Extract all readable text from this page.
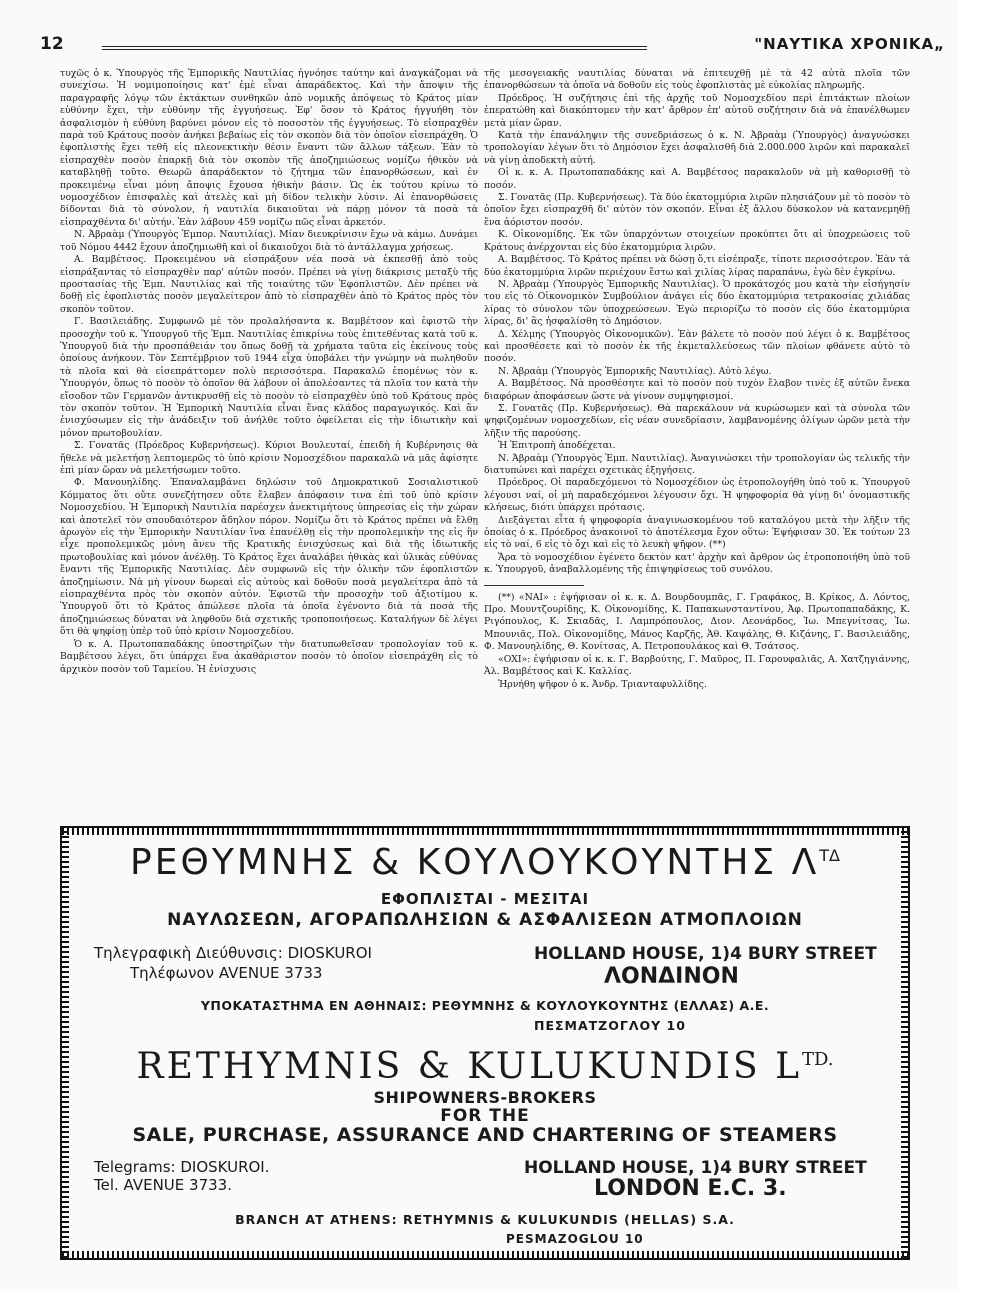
12	"ΝΑΥΤΙΚΑ ΧΡΟΝΙΚΑ„

τυχῶς ὁ κ. Ὑπουργὸς τῆς Ἐμπορικῆς Ναυτιλίας ἠγνόησε ταύτην καὶ ἀναγκάζομαι νὰ συνεχίσω. Ἡ νομιμοποίησις κατ' ἐμὲ εἶναι ἀπαράδεκτος. Καὶ τὴν ἄποψιν τῆς παραγραφῆς λόγῳ τῶν ἐκτάκτων συνθηκῶν ἀπὸ νομικῆς ἀπόψεως τὸ Κράτος μίαν εὐθύνην ἔχει, τὴν εὐθύνην τῆς ἐγγυήσεως. Ἐφ' ὅσον τὸ Κράτος ἠγγυήθη τὸν ἀσφαλισμὸν ἡ εὐθύνη βαρύνει μόνον εἰς τὸ ποσοστὸν τῆς ἐγγυήσεως. Τὸ εἰσπραχθὲν παρὰ τοῦ Κράτους ποσὸν ἀνήκει βεβαίως εἰς τὸν σκοπὸν διὰ τὸν ὁποῖον εἰσεπράχθη. Ὁ ἐφοπλιστὴς ἔχει τεθῆ εἰς πλεονεκτικὴν θέσιν ἔναντι τῶν ἄλλων τάξεων. Ἐὰν τὸ εἰσπραχθὲν ποσὸν ἐπαρκῇ διὰ τὸν σκοπὸν τῆς ἀποζημιώσεως νομίζω ἠθικὸν νὰ καταβληθῇ τοῦτο. Θεωρῶ ἀπαράδεκτον τὸ ζήτημα τῶν ἐπανορθώσεων, καὶ ἐν προκειμένῳ εἶναι μόνη ἄποψις ἔχουσα ἠθικὴν βάσιν. Ὡς ἐκ τούτου κρίνω τὸ νομοσχέδιον ἐπισφαλὲς καὶ ἀτελὲς καὶ μὴ δίδον τελικὴν λύσιν. Αἱ ἐπανορθώσεις δίδονται διὰ τὸ σύνολον, ἡ ναυτιλία δικαιοῦται νὰ πάρῃ μόνον τὰ ποσὰ τὰ εἰσπραχθέντα δι' αὐτήν. Ἐὰν λάβουν 459 νομίζω πῶς εἶναι ἀρκετόν.

Ν. Ἀβραὰμ (Ὑπουργὸς Ἐμπορ. Ναυτιλίας). Μίαν διευκρίνισιν ἔχω νὰ κάμω. Δυνάμει τοῦ Νόμου 4442 ἔχουν ἀποζημιωθῆ καὶ οἱ δικαιοῦχοι διὰ τὸ ἀντάλλαγμα χρήσεως.

Α. Βαμβέτσος. Προκειμένου νὰ εἰσπράξουν νέα ποσὰ νὰ ἐκπεσθῇ ἀπὸ τοὺς εἰσπράξαντας τὸ εἰσπραχθὲν παρ' αὐτῶν ποσόν. Πρέπει νὰ γίνῃ διάκρισις μεταξὺ τῆς προστασίας τῆς Ἐμπ. Ναυτιλίας καὶ τῆς τοιαύτης τῶν Ἐφοπλιστῶν. Δὲν πρέπει νὰ δοθῇ εἰς ἐφοπλιστὰς ποσὸν μεγαλείτερον ἀπὸ τὸ εἰσπραχθὲν ἀπὸ τὸ Κράτος πρὸς τὸν σκοπὸν τοῦτον.

Γ. Βασιλειάδης. Συμφωνῶ μὲ τὸν προλαλήσαντα κ. Βαμβέτσον καὶ ἐφιστῶ τὴν προσοχὴν τοῦ κ. Ὑπουργοῦ τῆς Ἐμπ. Ναυτιλίας ἐπικρίνω τοὺς ἐπιτεθέντας κατὰ τοῦ κ. Ὑπουργοῦ διὰ τὴν προσπάθειάν του ὅπως δοθῇ τὰ χρήματα ταῦτα εἰς ἐκείνους τοὺς ὁποίους ἀνήκουν. Τὸν Σεπτέμβριον τοῦ 1944 εἶχα ὑποβάλει τὴν γνώμην νὰ πωληθοῦν τὰ πλοῖα καὶ θὰ εἰσεπράττομεν πολὺ περισσότερα. Παρακαλῶ ἑπομένως τὸν κ. Ὑπουργόν, ὅπως τὸ ποσὸν τὸ ὁποῖον θὰ λάβουν οἱ ἀπολέσαντες τὰ πλοῖα τον κατὰ τὴν εἴσοδον τῶν Γερμανῶν ἀντικρυσθῇ εἰς τὸ ποσὸν τὸ εἰσπραχθὲν ὑπὸ τοῦ Κράτους πρὸς τὸν σκοπὸν τοῦτον. Ἡ Ἐμπορικὴ Ναυτιλία εἶναι ἕνας κλάδος παραγωγικός. Καὶ ἂν ἐνισχύσωμεν εἰς τὴν ἀνάδειξιν τοῦ ἀνήλθε τοῦτο ὀφείλεται εἰς τὴν ἰδιωτικὴν καὶ μόνον πρωτοβουλίαν.

Σ. Γονατᾶς (Πρόεδρος Κυβερνήσεως). Κύριοι Βουλευταί, ἐπειδὴ ἡ Κυβέρνησις θὰ ἤθελε νὰ μελετήσῃ λεπτομερῶς τὸ ὑπὸ κρίσιν Νομοσχέδιον παρακαλῶ νὰ μᾶς ἀφίσητε ἐπὶ μίαν ὥραν νὰ μελετήσωμεν τοῦτο.

Φ. Μανουηλίδης. Ἐπαναλαμβάνει δηλώσιν τοῦ Δημοκρατικοῦ Σοσιαλιστικοῦ Κόμματος ὅτι οὔτε συνεζήτησεν οὔτε ἔλαβεν ἀπόφασιν τινα ἐπὶ τοῦ ὑπὸ κρίσιν Νομοσχεδίου. Ἡ Ἐμπορικὴ Ναυτιλία παρέσχεν ἀνεκτιμήτους ὑπηρεσίας εἰς τὴν χώραν καὶ ἀποτελεῖ τὸν σπουδαιότερον ἄδηλον πόρον. Νομίζω ὅτι τὸ Κράτος πρέπει νὰ ἔλθῃ ἀρωγὸν εἰς τὴν Ἐμπορικὴν Ναυτιλίαν ἵνα ἐπανέλθῃ εἰς τὴν προπολεμικὴν της εἰς ἣν εἶχε προπολεμικῶς μόνη ἄνευ τῆς Κρατικῆς ἐνισχύσεως καὶ διὰ τῆς ἰδιωτικῆς πρωτοβουλίας καὶ μόνον ἀνέλθῃ. Τὸ Κράτος ἔχει ἀναλάβει ἠθικὰς καὶ ὑλικὰς εὐθύνας ἔναντι τῆς Ἐμπορικῆς Ναυτιλίας. Δὲν συμφωνῶ εἰς τὴν ὁλικὴν τῶν ἐφοπλιστῶν ἀποζημίωσιν. Νὰ μὴ γίνουν δωρεαὶ εἰς αὐτοὺς καὶ δοθοῦν ποσὰ μεγαλείτερα ἀπὸ τὰ εἰσπραχθέντα πρὸς τὸν σκοπὸν αὐτόν. Ἐφιστῶ τὴν προσοχὴν τοῦ ἀξιοτίμου κ. Ὑπουργοῦ ὅτι τὸ Κράτος ἀπώλεσε πλοῖα τὰ ὁποῖα ἐγένοντο διὰ τὰ ποσὰ τῆς ἀποζημιώσεως δύναται νὰ ληφθοῦν διὰ σχετικῆς τροποποιήσεως. Καταλήγων δὲ λέγει ὅτι θὰ ψηφίσῃ ὑπὲρ τοῦ ὑπὸ κρίσιν Νομοσχεδίου.

Ὁ κ. Α. Πρωτοπαπαδάκης ὑποστηρίζων τὴν διατυπωθεῖσαν τροπολογίαν τοῦ κ. Βαμβέτσου λέγει, ὅτι ὑπάρχει ἕνα ἀκαθάριστον ποσὸν τὸ ὁποῖον εἰσεπράχθη εἰς τὸ ἀρχικὸν ποσὸν τοῦ Ταμείου. Ἡ ἐνίσχυσις

τῆς μεσογειακῆς ναυτιλίας δύναται νὰ ἐπιτευχθῇ μὲ τὰ 42 αὐτὰ πλοῖα τῶν ἐπανορθώσεων τὰ ὁποῖα νὰ δοθοῦν εἰς τοὺς ἐφοπλιστὰς μὲ εὐκολίας πληρωμῆς.

Πρόεδρος. Ἡ συζήτησις ἐπὶ τῆς ἀρχῆς τοῦ Νομοσχεδίου περὶ ἐπιτάκτων πλοίων ἐπερατώθη καὶ διακόπτομεν τὴν κατ' ἄρθρον ἐπ' αὐτοῦ συζήτησιν διὰ νὰ ἐπανέλθωμεν μετὰ μίαν ὥραν.

Κατὰ τὴν ἐπανάληψιν τῆς συνεδριάσεως ὁ κ. Ν. Ἀβραὰμ (Ὑπουργὸς) ἀναγνώσκει τροπολογίαν λέγων ὅτι τὸ Δημόσιον ἔχει ἀσφαλισθῆ διὰ 2.000.000 λιρῶν καὶ παρακαλεῖ νὰ γίνῃ ἀποδεκτὴ αὐτή.

Οἱ κ. κ. Α. Πρωτοπαπαδάκης καὶ Α. Βαμβέτσος παρακαλοῦν νὰ μὴ καθορισθῇ τὸ ποσόν.

Σ. Γονατᾶς (Πρ. Κυβερνήσεως). Τὰ δύο ἑκατομμύρια λιρῶν πλησιάζουν μὲ τὸ ποσὸν τὸ ὁποῖον ἔχει εἰσπραχθῆ δι' αὐτὸν τὸν σκοπόν. Εἶναι ἐξ ἄλλου δύσκολον νὰ κατανεμηθῇ ἕνα ἀόριστον ποσόν.

Κ. Οἰκονομίδης. Ἐκ τῶν ὑπαρχόντων στοιχείων προκύπτει ὅτι αἱ ὑποχρεώσεις τοῦ Κράτους ἀνέρχονται εἰς δύο ἑκατομμύρια λιρῶν.

Α. Βαμβέτσος. Τὸ Κράτος πρέπει νὰ δώσῃ ὅ,τι εἰσέπραξε, τίποτε περισσότερον. Ἐὰν τὰ δύο ἑκατομμύρια λιρῶν περιέχουν ἔστω καὶ χιλίας λίρας παραπάνω, ἐγὼ δὲν ἐγκρίνω.

Ν. Ἀβραὰμ (Ὑπουργὸς Ἐμπορικῆς Ναυτιλίας). Ὁ προκάτοχός μου κατὰ τὴν εἰσήγησίν του εἰς τὸ Οἰκονομικὸν Συμβούλιον ἀνάγει εἰς δύο ἑκατομμύρια τετρακοσίας χιλιάδας λίρας τὸ σύνολον τῶν ὑποχρεώσεων. Ἐγὼ περιορίζω τὸ ποσὸν εἰς δύο ἑκατομμύρια λίρας, δι' ἃς ἠσφαλίσθη τὸ Δημόσιον.

Δ. Χέλμης (Ὑπουργὸς Οἰκονομικῶν). Ἐὰν βάλετε τὸ ποσὸν πού λέγει ὁ κ. Βαμβέτσος καὶ προσθέσετε καὶ τὸ ποσὸν ἐκ τῆς ἐκμεταλλεύσεως τῶν πλοίων φθάνετε αὐτὸ τὸ ποσόν.

Ν. Ἀβραὰμ (Ὑπουργὸς Ἐμπορικῆς Ναυτιλίας). Αὐτὸ λέγω.

Α. Βαμβέτσος. Νὰ προσθέσητε καὶ τὸ ποσὸν ποὺ τυχὸν ἔλαβον τινὲς ἐξ αὐτῶν ἕνεκα διαφόρων ἀποφάσεων ὥστε νὰ γίνουν συμψηφισμοί.

Σ. Γονατᾶς (Πρ. Κυβερνήσεως). Θὰ παρεκάλουν νὰ κυρώσωμεν καὶ τὰ σύνολα τῶν ψηφιζομένων νομοσχεδίων, εἰς νέαν συνεδρίασιν, λαμβανομένης ὀλίγων ὡρῶν μετὰ τὴν λῆξιν τῆς παρούσης.

Ἡ Ἐπιτροπὴ ἀποδέχεται.

Ν. Ἀβραὰμ (Ὑπουργὸς Ἐμπ. Ναυτιλίας). Ἀναγινώσκει τὴν τροπολογίαν ὡς τελικῆς τὴν διατυπώνει καὶ παρέχει σχετικὰς ἐξηγήσεις.

Πρόεδρος. Οἱ παραδεχόμενοι τὸ Νομοσχέδιον ὡς ἐτροπολογήθη ὑπὸ τοῦ κ. Ὑπουργοῦ λέγουσι ναί, οἱ μὴ παραδεχόμενοι λέγουσιν ὄχι. Ἡ ψηφοφορία θὰ γίνῃ δι' ὀνομαστικῆς κλήσεως, διότι ὑπάρχει πρότασις.

Διεξάγεται εἶτα ἡ ψηφοφορία ἀναγινωσκομένου τοῦ καταλόγου μετὰ τὴν λῆξιν τῆς ὁποίας ὁ κ. Πρόεδρος ἀνακοινοῖ τὸ ἀποτέλεσμα ἔχον οὕτω: Ἐψήφισαν 30. Ἐκ τούτων 23 εἰς τὸ ναί, 6 εἰς τὸ ὄχι καὶ εἰς τὸ λευκὴ ψῆφον. (**)

Ἄρα τὸ νομοσχέδιον ἐγένετο δεκτὸν κατ' ἀρχὴν καὶ ἄρθρον ὡς ἐτροποποιήθη ὑπὸ τοῦ κ. Ὑπουργοῦ, ἀναβαλλομένης τῆς ἐπιψηφίσεως τοῦ συνόλου.

(**) «ΝΑΙ» : ἐψήφισαν οἱ κ. κ. Δ. Βουρδουμπᾶς, Γ. Γραφάκος, Β. Κρίκος, Δ. Λόντος, Προ. Μουντζουρίδης, Κ. Οἰκονομίδης, Κ. Παπακωνσταντίνου, Ἀφ. Πρωτοπαπαδάκης, Κ. Ριγόπουλος, Κ. Σκιαδᾶς, Ι. Λαμπρόπουλος, Διον. Λεονάρδος, Ἰω. Μπεγνίτσας, Ἰω. Μπουνιᾶς, Πολ. Οἰκονομίδης, Μάνος Καρζῆς, Ἀθ. Καψάλης, Θ. Κιζάνης, Γ. Βασιλειάδης, Φ. Μανουηλίδης, Θ. Κονίτσας, Α. Πετροπουλάκος καὶ Θ. Τσάτσος.

«ΟΧΙ»: ἐψήφισαν οἱ κ. κ. Γ. Βαρβούτης, Γ. Μαῦρος, Π. Γαρουφαλιᾶς, Α. Χατζηγιάννης, Ἀλ. Βαμβέτσος καὶ Κ. Καλλίας.

Ἠρνήθη ψῆφον ὁ κ. Ἀνδρ. Τριανταφυλλίδης.

ΡΕΘΥΜΝΗΣ & ΚΟΥΛΟΥΚΟΥΝΤΗΣ $\Lambda^{T\Delta}$
ΕΦΟΠΛΙΣΤΑΙ - ΜΕΣΙΤΑΙ
ΝΑΥΛΩΣΕΩΝ, ΑΓΟΡΑΠΩΛΗΣΙΩΝ & ΑΣΦΑΛΙΣΕΩΝ ΑΤΜΟΠΛΟΙΩΝ
Τηλεγραφικὴ Διεύθυνσις: DIOSKUROI
Τηλέφωνον AVENUE 3733
HOLLAND HOUSE, 1)4 BURY STREET
ΛΟΝΔΙΝΟΝ
ΥΠΟΚΑΤΑΣΤΗΜΑ ΕΝ ΑΘΗΝΑΙΣ: ΡΕΘΥΜΝΗΣ & ΚΟΥΛΟΥΚΟΥΝΤΗΣ (ΕΛΛΑΣ) Α.Ε.
ΠΕΣΜΑΤΖΟΓΛΟΥ 10
RETHYMNIS & KULUKUNDIS $L^{TD.}$
SHIPOWNERS-BROKERS
FOR THE
SALE, PURCHASE, ASSURANCE AND CHARTERING OF STEAMERS
Telegrams: DIOSKUROI.
Tel. AVENUE 3733.
HOLLAND HOUSE, 1)4 BURY STREET
LONDON E.C. 3.
BRANCH AT ATHENS: RETHYMNIS & KULUKUNDIS (HELLAS) S.A.
PESMAZOGLOU 10
